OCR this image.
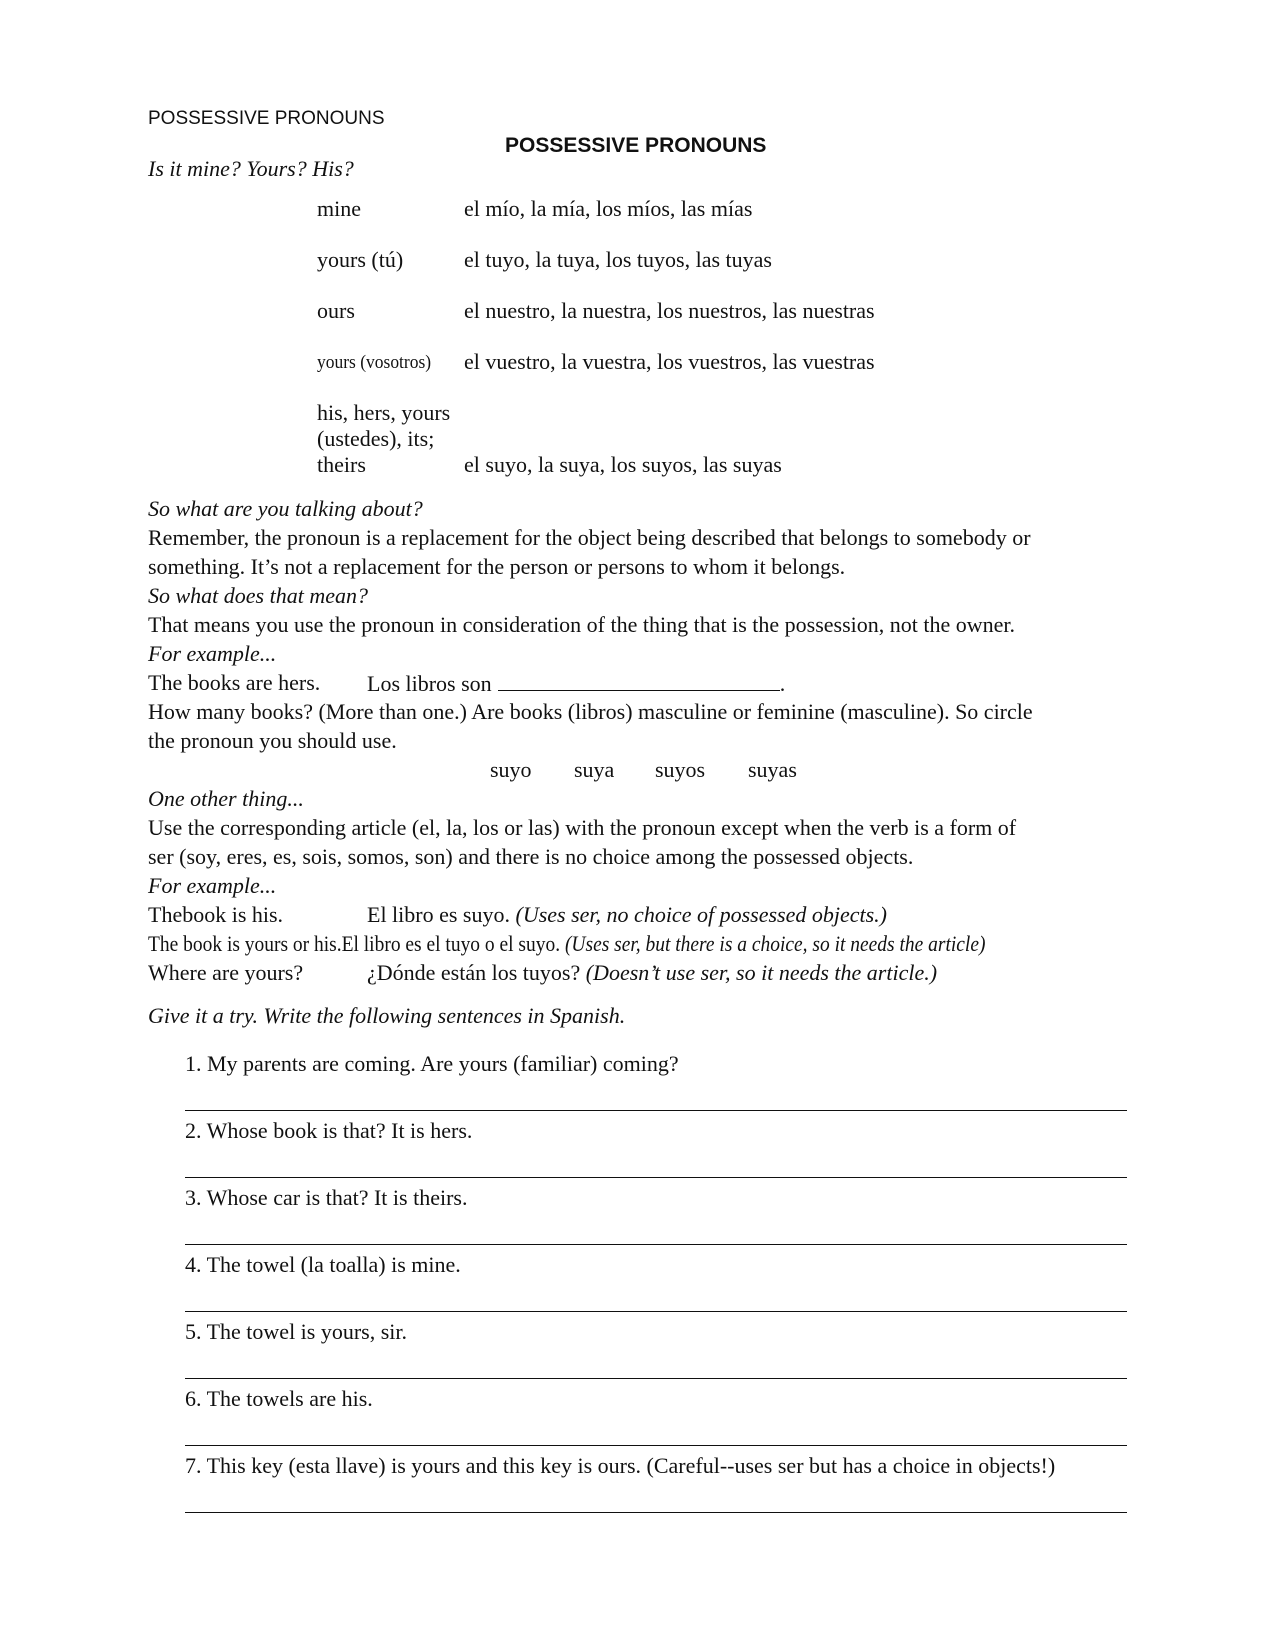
POSSESSIVE PRONOUNS
POSSESSIVE PRONOUNS
Is it mine? Yours? His?
mine	el mío, la mía, los míos, las mías
yours (tú)	el tuyo, la tuya, los tuyos, las tuyas
ours	el nuestro, la nuestra, los nuestros, las nuestras
yours (vosotros) el vuestro, la vuestra, los vuestros, las vuestras
his, hers, yours
(ustedes), its;
theirs	el suyo, la suya, los suyos, las suyas
So what are you talking about?
Remember, the pronoun is a replacement for the object being described that belongs to somebody or
something. It’s not a replacement for the person or persons to whom it belongs.
So what does that mean?
That means you use the pronoun in consideration of the thing that is the possession, not the owner.
For example...
The books are hers. Los libros son	.
How many books? (More than one.) Are books (libros) masculine or feminine (masculine). So circle
the pronoun you should use.
suyo suya suyos suyas
One other thing...
Use the corresponding article (el, la, los or las) with the pronoun except when the verb is a form of
ser (soy, eres, es, sois, somos, son) and there is no choice among the possessed objects.
For example...
Thebook is his.	El libro es suyo. (Uses ser, no choice of possessed objects.)
The book is yours or his.El libro es el tuyo o el suyo. (Uses ser, but there is a choice, so it needs the article)
Where are yours?	¿Dónde están los tuyos? (Doesn’t use ser, so it needs the article.)
Give it a try. Write the following sentences in Spanish.
1. My parents are coming. Are yours (familiar) coming?
2. Whose book is that? It is hers.
3. Whose car is that? It is theirs.
4. The towel (la toalla) is mine.
5. The towel is yours, sir.
6. The towels are his.
7. This key (esta llave) is yours and this key is ours. (Careful--uses ser but has a choice in objects!)
